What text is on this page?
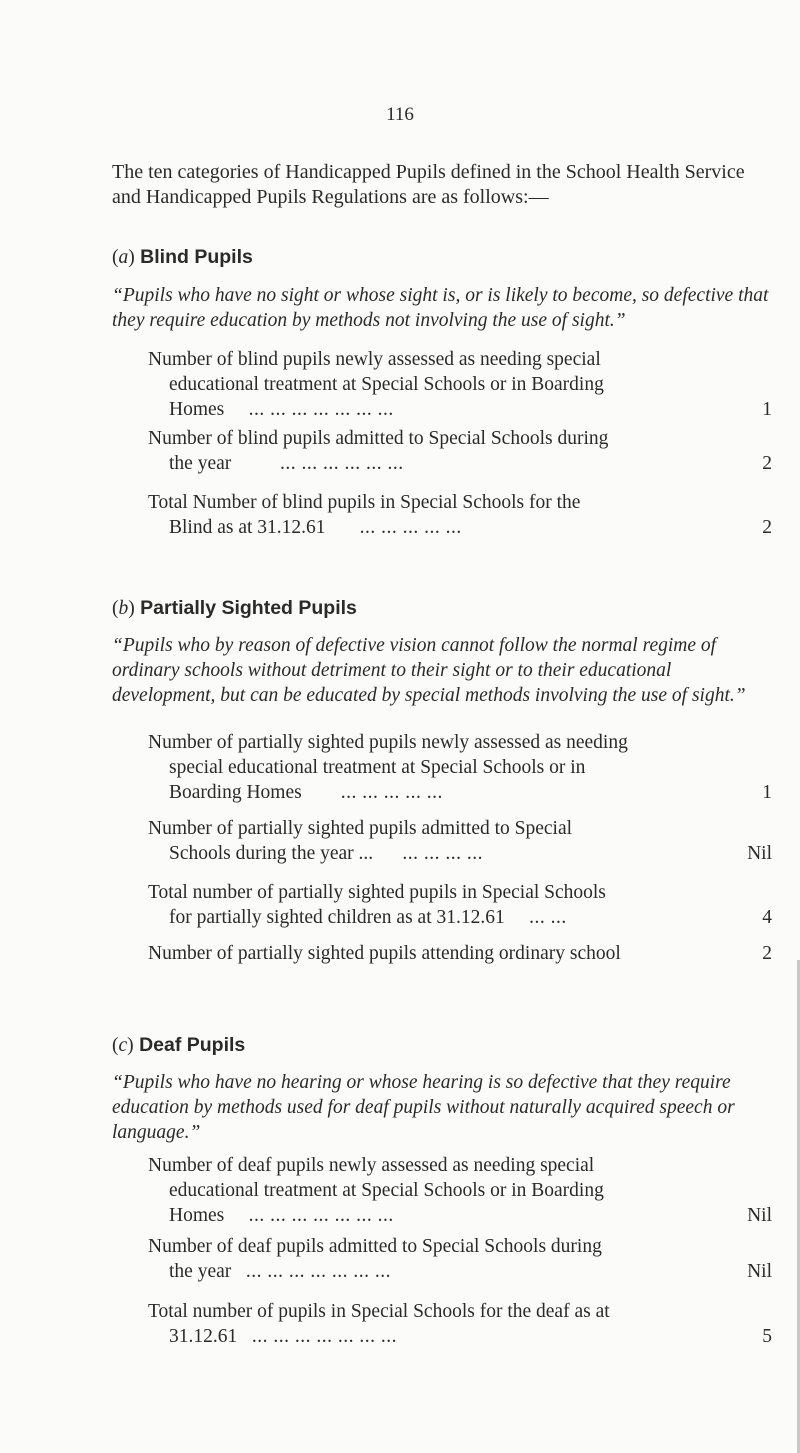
116
The ten categories of Handicapped Pupils defined in the School Health Service and Handicapped Pupils Regulations are as follows:—
(a) Blind Pupils
“Pupils who have no sight or whose sight is, or is likely to become, so defective that they require education by methods not involving the use of sight.”
Number of blind pupils newly assessed as needing special
educational treatment at Special Schools or in Boarding
Homes ... ... ... ... ... ... ...	1
Number of blind pupils admitted to Special Schools during
the year	... ... ... ... ... ...	2
Total Number of blind pupils in Special Schools for the
Blind as at 31.12.61 ... ... ... ... ...	2
(b) Partially Sighted Pupils
“Pupils who by reason of defective vision cannot follow the normal regime of ordinary schools without detriment to their sight or to their educational development, but can be educated by special methods involving the use of sight.”
Number of partially sighted pupils newly assessed as needing
special educational treatment at Special Schools or in
Boarding Homes ... ... ... ... ...	1
Number of partially sighted pupils admitted to Special
Schools during the year ... ... ... ... ...	Nil
Total number of partially sighted pupils in Special Schools
for partially sighted children as at 31.12.61 ... ...	4
Number of partially sighted pupils attending ordinary school	2
(c) Deaf Pupils
“Pupils who have no hearing or whose hearing is so defective that they require education by methods used for deaf pupils without naturally acquired speech or language.”
Number of deaf pupils newly assessed as needing special
educational treatment at Special Schools or in Boarding
Homes ... ... ... ... ... ... ...	Nil
Number of deaf pupils admitted to Special Schools during
the year ... ... ... ... ... ... ...	Nil
Total number of pupils in Special Schools for the deaf as at
31.12.61 ... ... ... ... ... ... ...	5
